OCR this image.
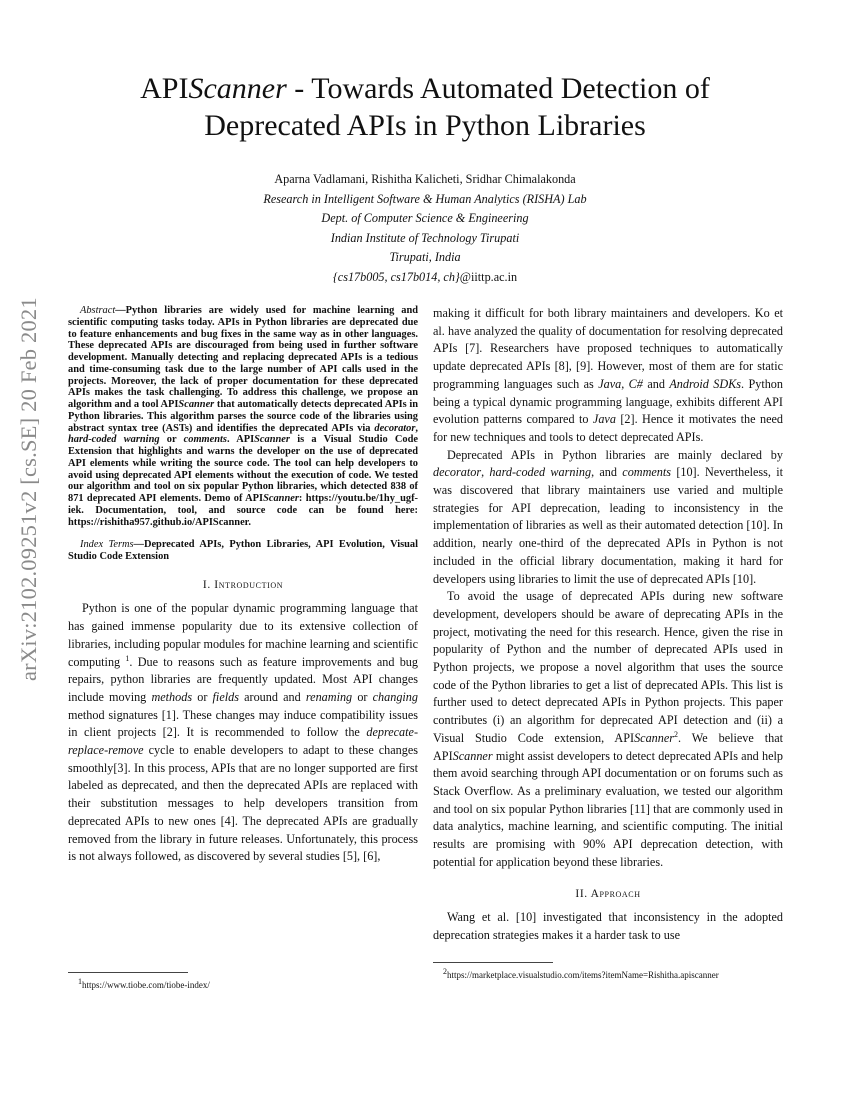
arXiv:2102.09251v2 [cs.SE] 20 Feb 2021
APIScanner - Towards Automated Detection of
Deprecated APIs in Python Libraries
Aparna Vadlamani, Rishitha Kalicheti, Sridhar Chimalakonda
Research in Intelligent Software & Human Analytics (RISHA) Lab
Dept. of Computer Science & Engineering
Indian Institute of Technology Tirupati
Tirupati, India
{cs17b005, cs17b014, ch}@iittp.ac.in

Abstract—Python libraries are widely used for machine learning and scientific computing tasks today. APIs in Python libraries are deprecated due to feature enhancements and bug fixes in the same way as in other languages. These deprecated APIs are discouraged from being used in further software development. Manually detecting and replacing deprecated APIs is a tedious and time-consuming task due to the large number of API calls used in the projects. Moreover, the lack of proper documentation for these deprecated APIs makes the task challenging. To address this challenge, we propose an algorithm and a tool APIScanner that automatically detects deprecated APIs in Python libraries. This algorithm parses the source code of the libraries using abstract syntax tree (ASTs) and identifies the deprecated APIs via decorator, hard-coded warning or comments. APIScanner is a Visual Studio Code Extension that highlights and warns the developer on the use of deprecated API elements while writing the source code. The tool can help developers to avoid using deprecated API elements without the execution of code. We tested our algorithm and tool on six popular Python libraries, which detected 838 of 871 deprecated API elements. Demo of APIScanner: https://youtu.be/1hy_ugf-iek. Documentation, tool, and source code can be found here: https://rishitha957.github.io/APIScanner.

Index Terms—Deprecated APIs, Python Libraries, API Evolution, Visual Studio Code Extension

I. Introduction

Python is one of the popular dynamic programming language that has gained immense popularity due to its extensive collection of libraries, including popular modules for machine learning and scientific computing $^1$. Due to reasons such as feature improvements and bug repairs, python libraries are frequently updated. Most API changes include moving methods or fields around and renaming or changing method signatures [1]. These changes may induce compatibility issues in client projects [2]. It is recommended to follow the deprecate-replace-remove cycle to enable developers to adapt to these changes smoothly[3]. In this process, APIs that are no longer supported are first labeled as deprecated, and then the deprecated APIs are replaced with their substitution messages to help developers transition from deprecated APIs to new ones [4]. The deprecated APIs are gradually removed from the library in future releases. Unfortunately, this process is not always followed, as discovered by several studies [5], [6],

$^1$https://www.tiobe.com/tiobe-index/

making it difficult for both library maintainers and developers. Ko et al. have analyzed the quality of documentation for resolving deprecated APIs [7]. Researchers have proposed techniques to automatically update deprecated APIs [8], [9]. However, most of them are for static programming languages such as Java, C# and Android SDKs. Python being a typical dynamic programming language, exhibits different API evolution patterns compared to Java [2]. Hence it motivates the need for new techniques and tools to detect deprecated APIs.

Deprecated APIs in Python libraries are mainly declared by decorator, hard-coded warning, and comments [10]. Nevertheless, it was discovered that library maintainers use varied and multiple strategies for API deprecation, leading to inconsistency in the implementation of libraries as well as their automated detection [10]. In addition, nearly one-third of the deprecated APIs in Python is not included in the official library documentation, making it hard for developers using libraries to limit the use of deprecated APIs [10].

To avoid the usage of deprecated APIs during new software development, developers should be aware of deprecating APIs in the project, motivating the need for this research. Hence, given the rise in popularity of Python and the number of deprecated APIs used in Python projects, we propose a novel algorithm that uses the source code of the Python libraries to get a list of deprecated APIs. This list is further used to detect deprecated APIs in Python projects. This paper contributes (i) an algorithm for deprecated API detection and (ii) a Visual Studio Code extension, APIScanner$^2$. We believe that APIScanner might assist developers to detect deprecated APIs and help them avoid searching through API documentation or on forums such as Stack Overflow. As a preliminary evaluation, we tested our algorithm and tool on six popular Python libraries [11] that are commonly used in data analytics, machine learning, and scientific computing. The initial results are promising with 90% API deprecation detection, with potential for application beyond these libraries.

II. Approach

Wang et al. [10] investigated that inconsistency in the adopted deprecation strategies makes it a harder task to use

$^2$https://marketplace.visualstudio.com/items?itemName=Rishitha.apiscanner
